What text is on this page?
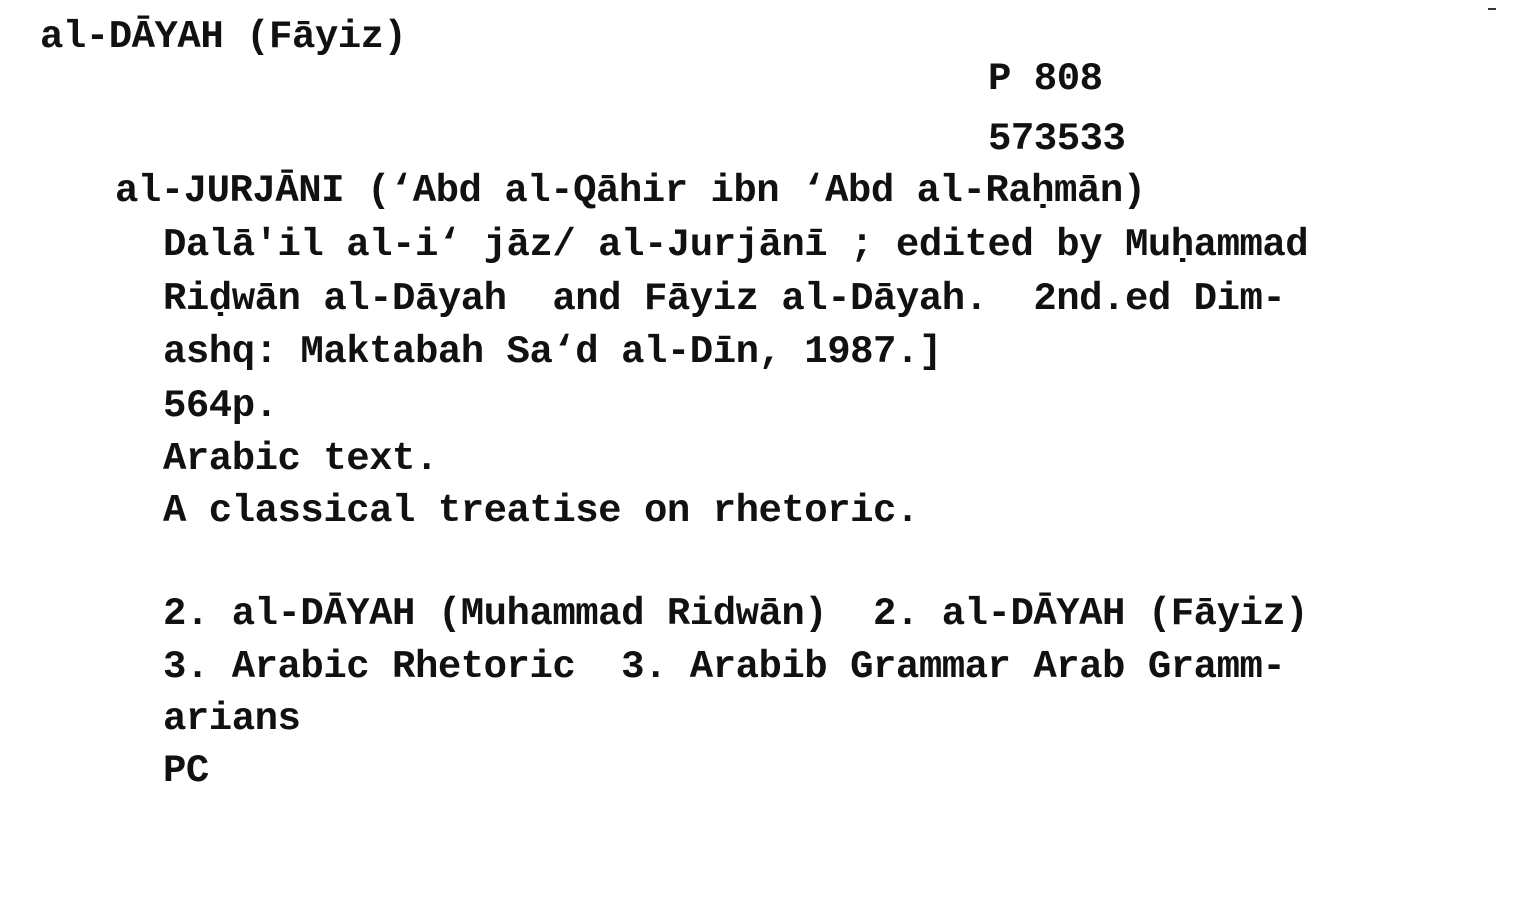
al-DĀYAH (Fāyiz)
P 808
573533
al-JURJĀNI (‘Abd al-Qāhir ibn ‘Abd al-Raḥmān)
Dalā'il al-i‘ jāz/ al-Jurjānī ; edited by Muḥammad
Riḍwān al-Dāyah  and Fāyiz al-Dāyah.  2nd.ed Dim-
ashq: Maktabah Sa‘d al-Dīn, 1987.]
564p.
Arabic text.
A classical treatise on rhetoric.
2. al-DĀYAH (Muhammad Ridwān)  2. al-DĀYAH (Fāyiz)
3. Arabic Rhetoric  3. Arabib Grammar Arab Gramm-
arians
PC
